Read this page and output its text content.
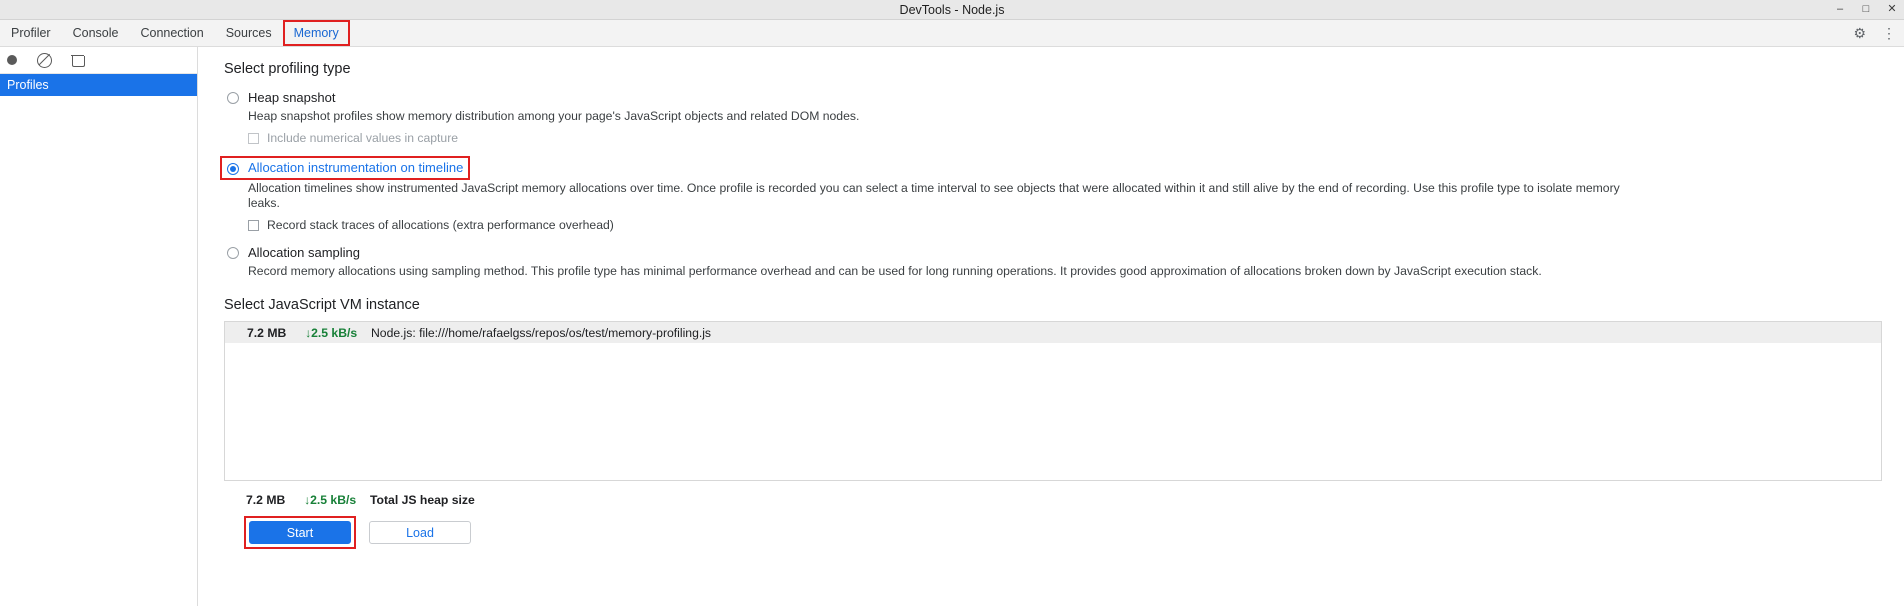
DevTools - Node.js	– □ ✕
Profiler	Console	Connection	Sources	Memory	⚙ ⋮
Profiles
Select profiling type
Heap snapshot
Heap snapshot profiles show memory distribution among your page's JavaScript objects and related DOM nodes.
Include numerical values in capture
Allocation instrumentation on timeline
Allocation timelines show instrumented JavaScript memory allocations over time. Once profile is recorded you can select a time interval to see objects that were allocated within it and still alive by the end of recording. Use this profile type to isolate memory leaks.
Record stack traces of allocations (extra performance overhead)
Allocation sampling
Record memory allocations using sampling method. This profile type has minimal performance overhead and can be used for long running operations. It provides good approximation of allocations broken down by JavaScript execution stack.
Select JavaScript VM instance
7.2 MB	↓2.5 kB/s	Node.js: file:///home/rafaelgss/repos/os/test/memory-profiling.js
7.2 MB	↓2.5 kB/s	Total JS heap size
Start	Load
